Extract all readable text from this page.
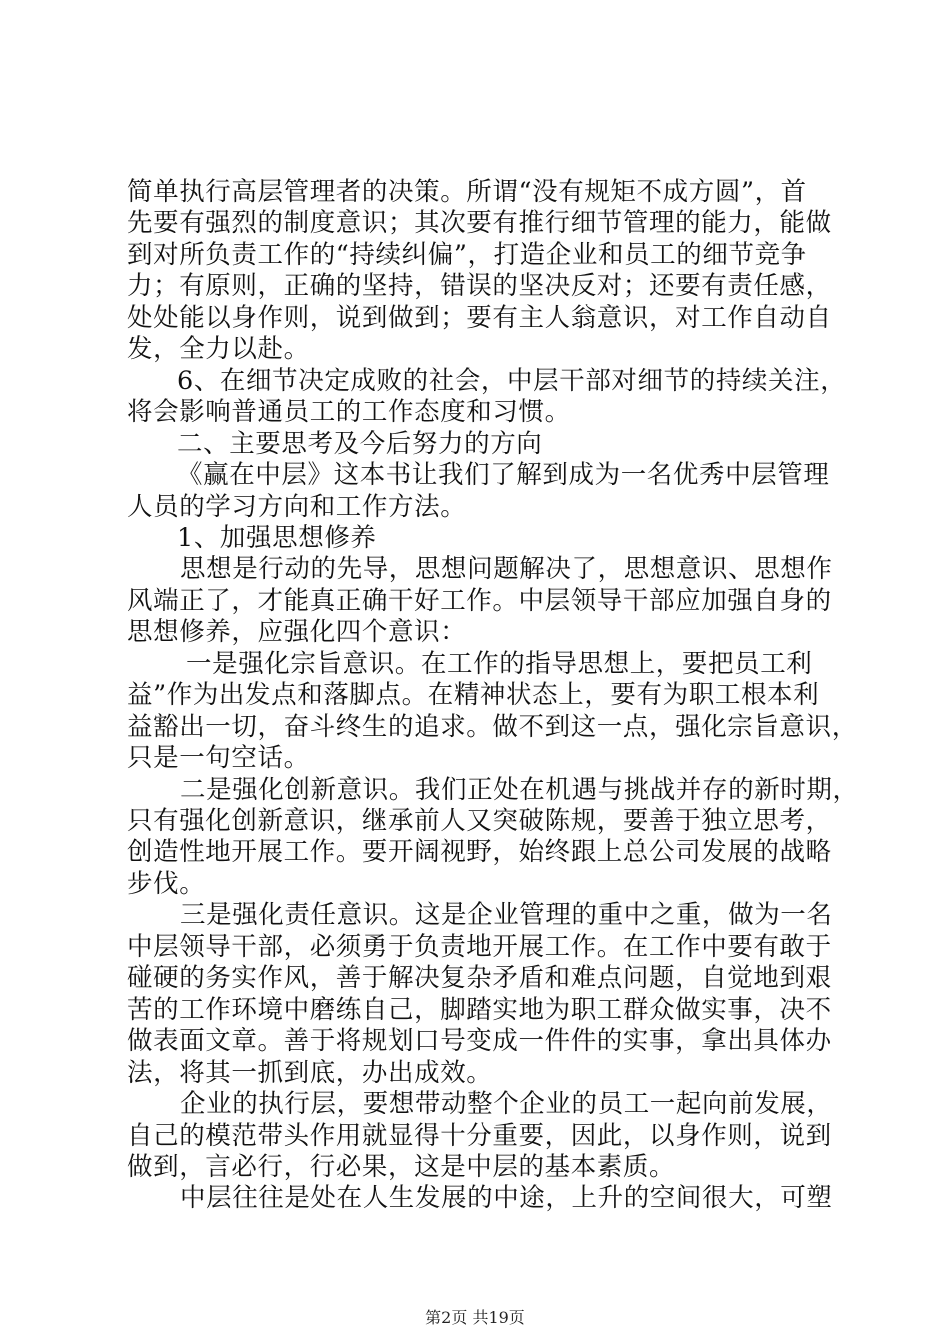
简单执行高层管理者的决策。所谓“没有规矩不成方圆”，首
先要有强烈的制度意识；其次要有推行细节管理的能力，能做
到对所负责工作的“持续纠偏”，打造企业和员工的细节竞争
力；有原则，正确的坚持，错误的坚决反对；还要有责任感，
处处能以身作则，说到做到；要有主人翁意识，对工作自动自
发，全力以赴。
6、在细节决定成败的社会，中层干部对细节的持续关注，
将会影响普通员工的工作态度和习惯。
二、主要思考及今后努力的方向
《赢在中层》这本书让我们了解到成为一名优秀中层管理
人员的学习方向和工作方法。
1、加强思想修养
思想是行动的先导，思想问题解决了，思想意识、思想作
风端正了，才能真正确干好工作。中层领导干部应加强自身的
思想修养，应强化四个意识：
一是强化宗旨意识。在工作的指导思想上，要把员工利
益”作为出发点和落脚点。在精神状态上，要有为职工根本利
益豁出一切，奋斗终生的追求。做不到这一点，强化宗旨意识，
只是一句空话。
二是强化创新意识。我们正处在机遇与挑战并存的新时期，
只有强化创新意识，继承前人又突破陈规，要善于独立思考，
创造性地开展工作。要开阔视野，始终跟上总公司发展的战略
步伐。
三是强化责任意识。这是企业管理的重中之重，做为一名
中层领导干部，必须勇于负责地开展工作。在工作中要有敢于
碰硬的务实作风，善于解决复杂矛盾和难点问题，自觉地到艰
苦的工作环境中磨练自己，脚踏实地为职工群众做实事，决不
做表面文章。善于将规划口号变成一件件的实事，拿出具体办
法，将其一抓到底，办出成效。
企业的执行层，要想带动整个企业的员工一起向前发展，
自己的模范带头作用就显得十分重要，因此，以身作则，说到
做到，言必行，行必果，这是中层的基本素质。
中层往往是处在人生发展的中途，上升的空间很大，可塑
第2页 共19页
